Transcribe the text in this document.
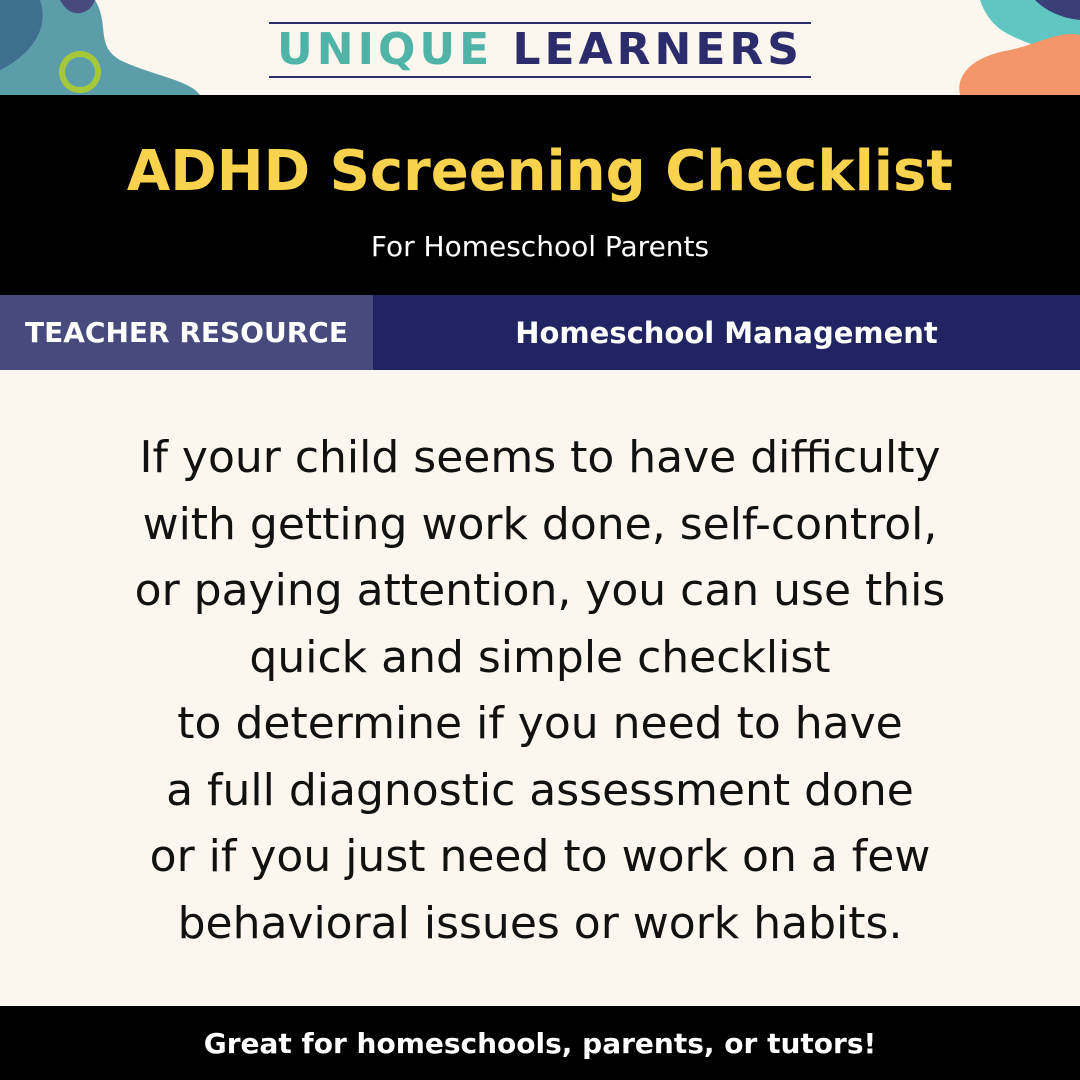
UNIQUE LEARNERS
ADHD Screening Checklist
For Homeschool Parents
TEACHER RESOURCE	Homeschool Management

If your child seems to have difficulty
with getting work done, self-control,
or paying attention, you can use this
quick and simple checklist
to determine if you need to have
a full diagnostic assessment done
or if you just need to work on a few
behavioral issues or work habits.

Great for homeschools, parents, or tutors!
